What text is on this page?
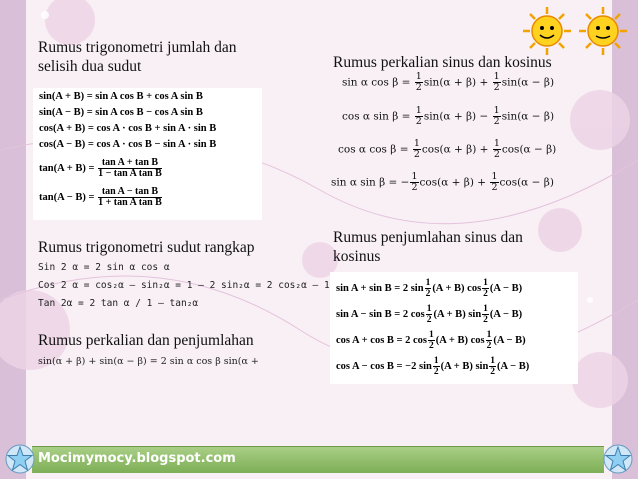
Rumus trigonometri jumlah dan
selisih dua sudut
sin(A + B) = sin A cos B + cos A sin B
sin(A − B) = sin A cos B − cos A sin B
cos(A + B) = cos A · cos B + sin A · sin B
cos(A − B) = cos A · cos B − sin A · sin B
$\tan(A + B) = \frac{\text{tan A + tan B}}{\text{1 − tan A tan B}}$
$\tan(A - B) = \frac{\text{tan A − tan B}}{\text{1 + tan A tan B}}$
Rumus trigonometri sudut rangkap
Sin 2 α = 2 sin α cos α
Cos 2 α = cos₂α – sin₂α = 1 – 2 sin₂α = 2 cos₂α – 1
Tan 2α = 2 tan α / 1 – tan₂α
Rumus perkalian dan penjumlahan
sin(α + β) + sin(α − β) = 2 sin α cos β sin(α +
Rumus perkalian sinus dan kosinus
sin α $\cos \beta = \frac{1}{2} \sin(\alpha + \beta) + \frac{1}{2} \sin(\alpha - \beta)$
cos α $\sin \beta = \frac{1}{2} \sin(\alpha + \beta) - \frac{1}{2} \sin(\alpha - \beta)$
cos α $\cos \beta = \frac{1}{2} \cos(\alpha + \beta) + \frac{1}{2} \cos(\alpha - \beta)$
sin α sin β = − $\frac{1}{2} \cos(\alpha + \beta) + \frac{1}{2} \cos(\alpha - \beta)$
Rumus penjumlahan sinus dan
kosinus
sin A + sin B = 2 $\sin \frac{1}{2} (A + B)$ $\cos \frac{1}{2} (A - B)$
sin A − sin B = 2 $\cos \frac{1}{2} (A + B)$ $\sin \frac{1}{2} (A - B)$
cos A + cos B = 2 $\cos \frac{1}{2} (A + B)$ $\cos \frac{1}{2} (A - B)$
cos A − cos B = −2 $\sin \frac{1}{2} (A + B)$ $\sin \frac{1}{2} (A - B)$
Mocimymocy.blogspot.com
